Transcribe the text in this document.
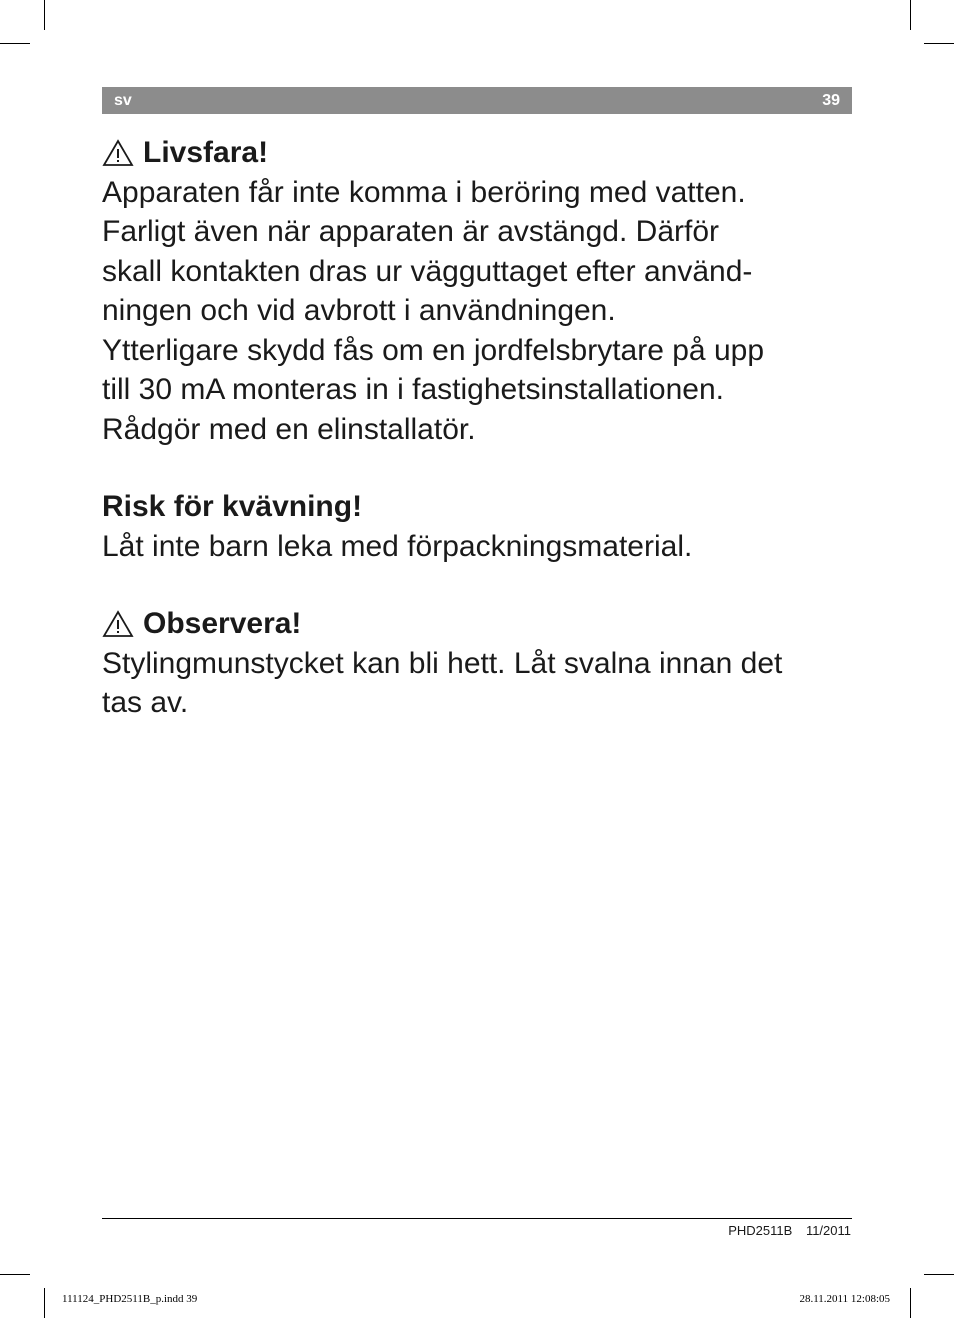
sv	39
Livsfara!
Apparaten får inte komma i beröring med vatten.
Farligt även när apparaten är avstängd. Därför
skall kontakten dras ur vägguttaget efter använd-
ningen och vid avbrott i användningen.
Ytterligare skydd fås om en jordfelsbrytare på upp
till 30 mA monteras in i fastighetsinstallationen.
Rådgör med en elinstallatör.
Risk för kvävning!
Låt inte barn leka med förpackningsmaterial.
Observera!
Stylingmunstycket kan bli hett. Låt svalna innan det
tas av.
PHD2511B 11/2011
111124_PHD2511B_p.indd 39	28.11.2011 12:08:05
